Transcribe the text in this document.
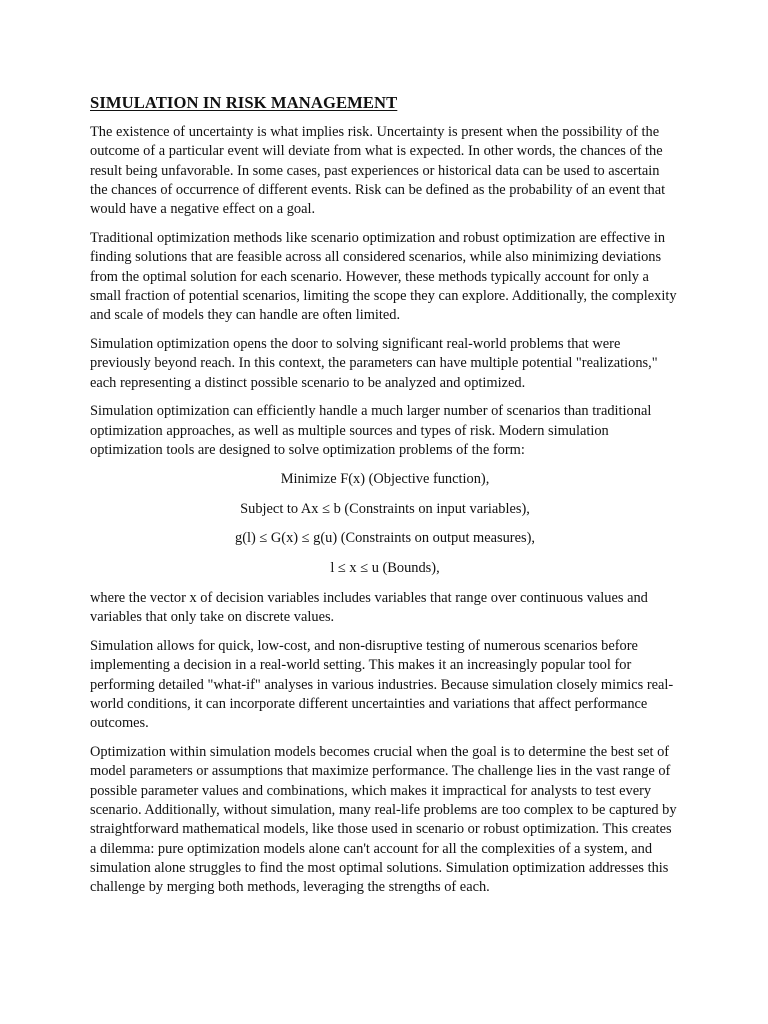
SIMULATION IN RISK MANAGEMENT

The existence of uncertainty is what implies risk. Uncertainty is present when the possibility of the outcome of a particular event will deviate from what is expected. In other words, the chances of the result being unfavorable. In some cases, past experiences or historical data can be used to ascertain the chances of occurrence of different events. Risk can be defined as the probability of an event that would have a negative effect on a goal.

Traditional optimization methods like scenario optimization and robust optimization are effective in finding solutions that are feasible across all considered scenarios, while also minimizing deviations from the optimal solution for each scenario. However, these methods typically account for only a small fraction of potential scenarios, limiting the scope they can explore. Additionally, the complexity and scale of models they can handle are often limited.

Simulation optimization opens the door to solving significant real-world problems that were previously beyond reach. In this context, the parameters can have multiple potential "realizations," each representing a distinct possible scenario to be analyzed and optimized.

Simulation optimization can efficiently handle a much larger number of scenarios than traditional optimization approaches, as well as multiple sources and types of risk. Modern simulation optimization tools are designed to solve optimization problems of the form:

Minimize F(x) (Objective function),

Subject to Ax ≤ b (Constraints on input variables),

g(l) ≤ G(x) ≤ g(u) (Constraints on output measures),

l ≤ x ≤ u (Bounds),

where the vector x of decision variables includes variables that range over continuous values and variables that only take on discrete values.

Simulation allows for quick, low-cost, and non-disruptive testing of numerous scenarios before implementing a decision in a real-world setting. This makes it an increasingly popular tool for performing detailed "what-if" analyses in various industries. Because simulation closely mimics real-world conditions, it can incorporate different uncertainties and variations that affect performance outcomes.

Optimization within simulation models becomes crucial when the goal is to determine the best set of model parameters or assumptions that maximize performance. The challenge lies in the vast range of possible parameter values and combinations, which makes it impractical for analysts to test every scenario. Additionally, without simulation, many real-life problems are too complex to be captured by straightforward mathematical models, like those used in scenario or robust optimization. This creates a dilemma: pure optimization models alone can't account for all the complexities of a system, and simulation alone struggles to find the most optimal solutions. Simulation optimization addresses this challenge by merging both methods, leveraging the strengths of each.
